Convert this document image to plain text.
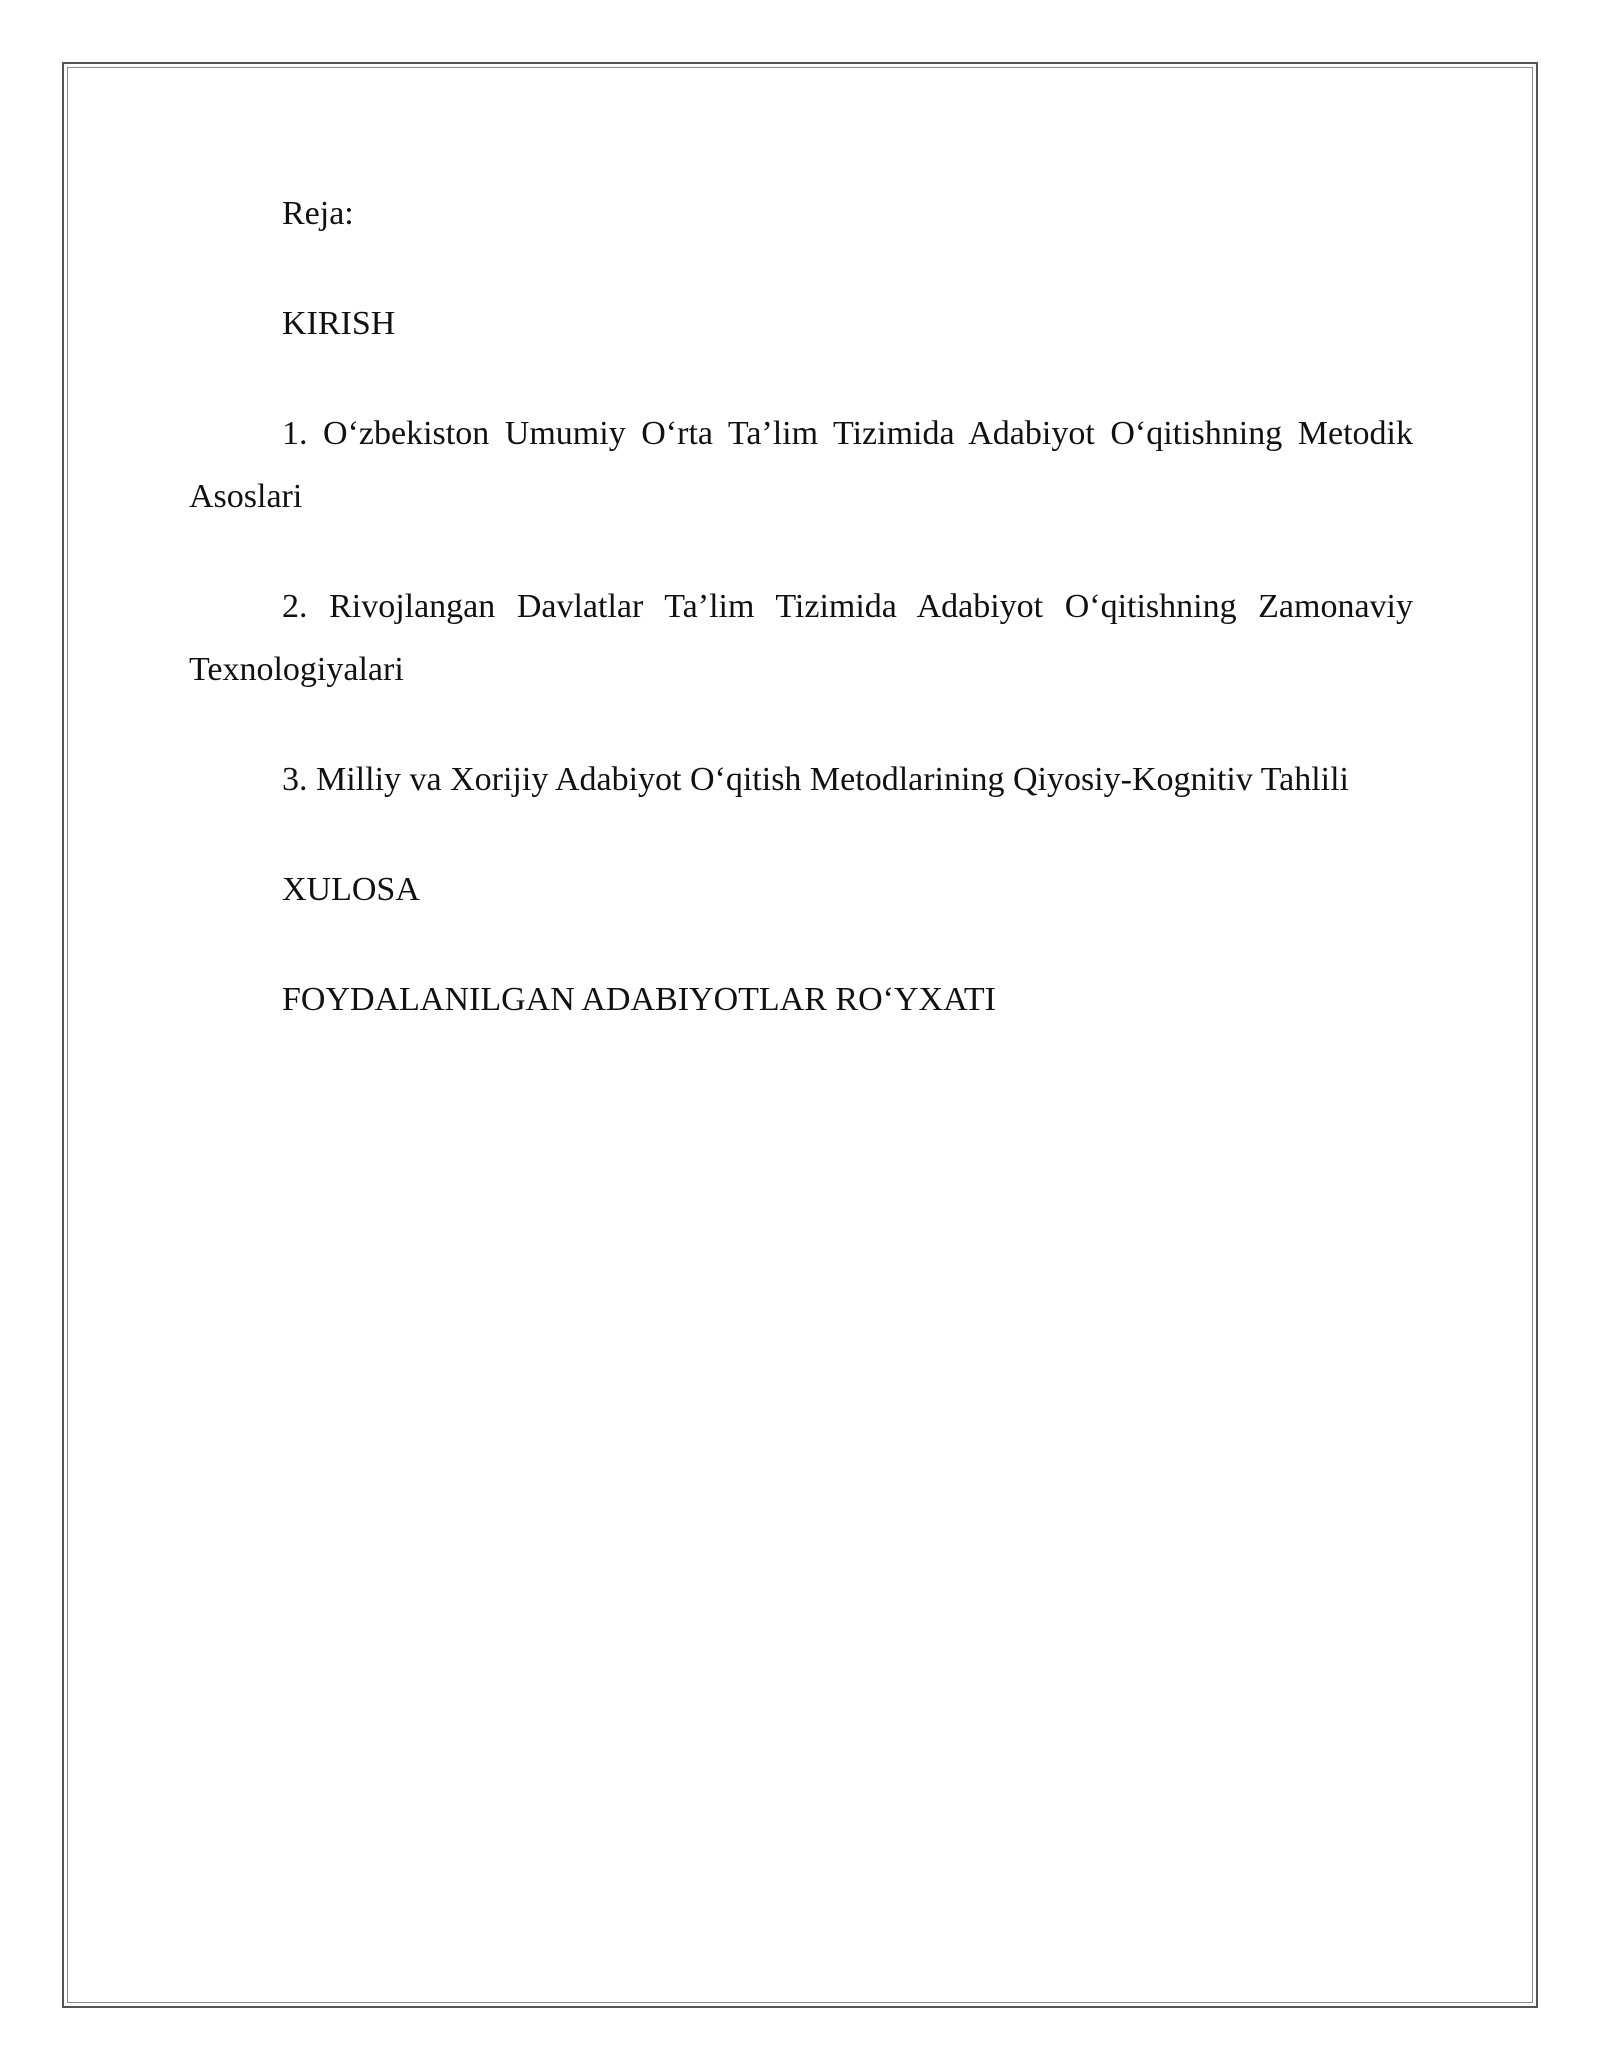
Reja:

KIRISH

1. O‘zbekiston Umumiy O‘rta Ta’lim Tizimida Adabiyot O‘qitishning Metodik Asoslari

2. Rivojlangan Davlatlar Ta’lim Tizimida Adabiyot O‘qitishning Zamonaviy Texnologiyalari

3. Milliy va Xorijiy Adabiyot O‘qitish Metodlarining Qiyosiy-Kognitiv Tahlili

XULOSA

FOYDALANILGAN ADABIYOTLAR RO‘YXATI
